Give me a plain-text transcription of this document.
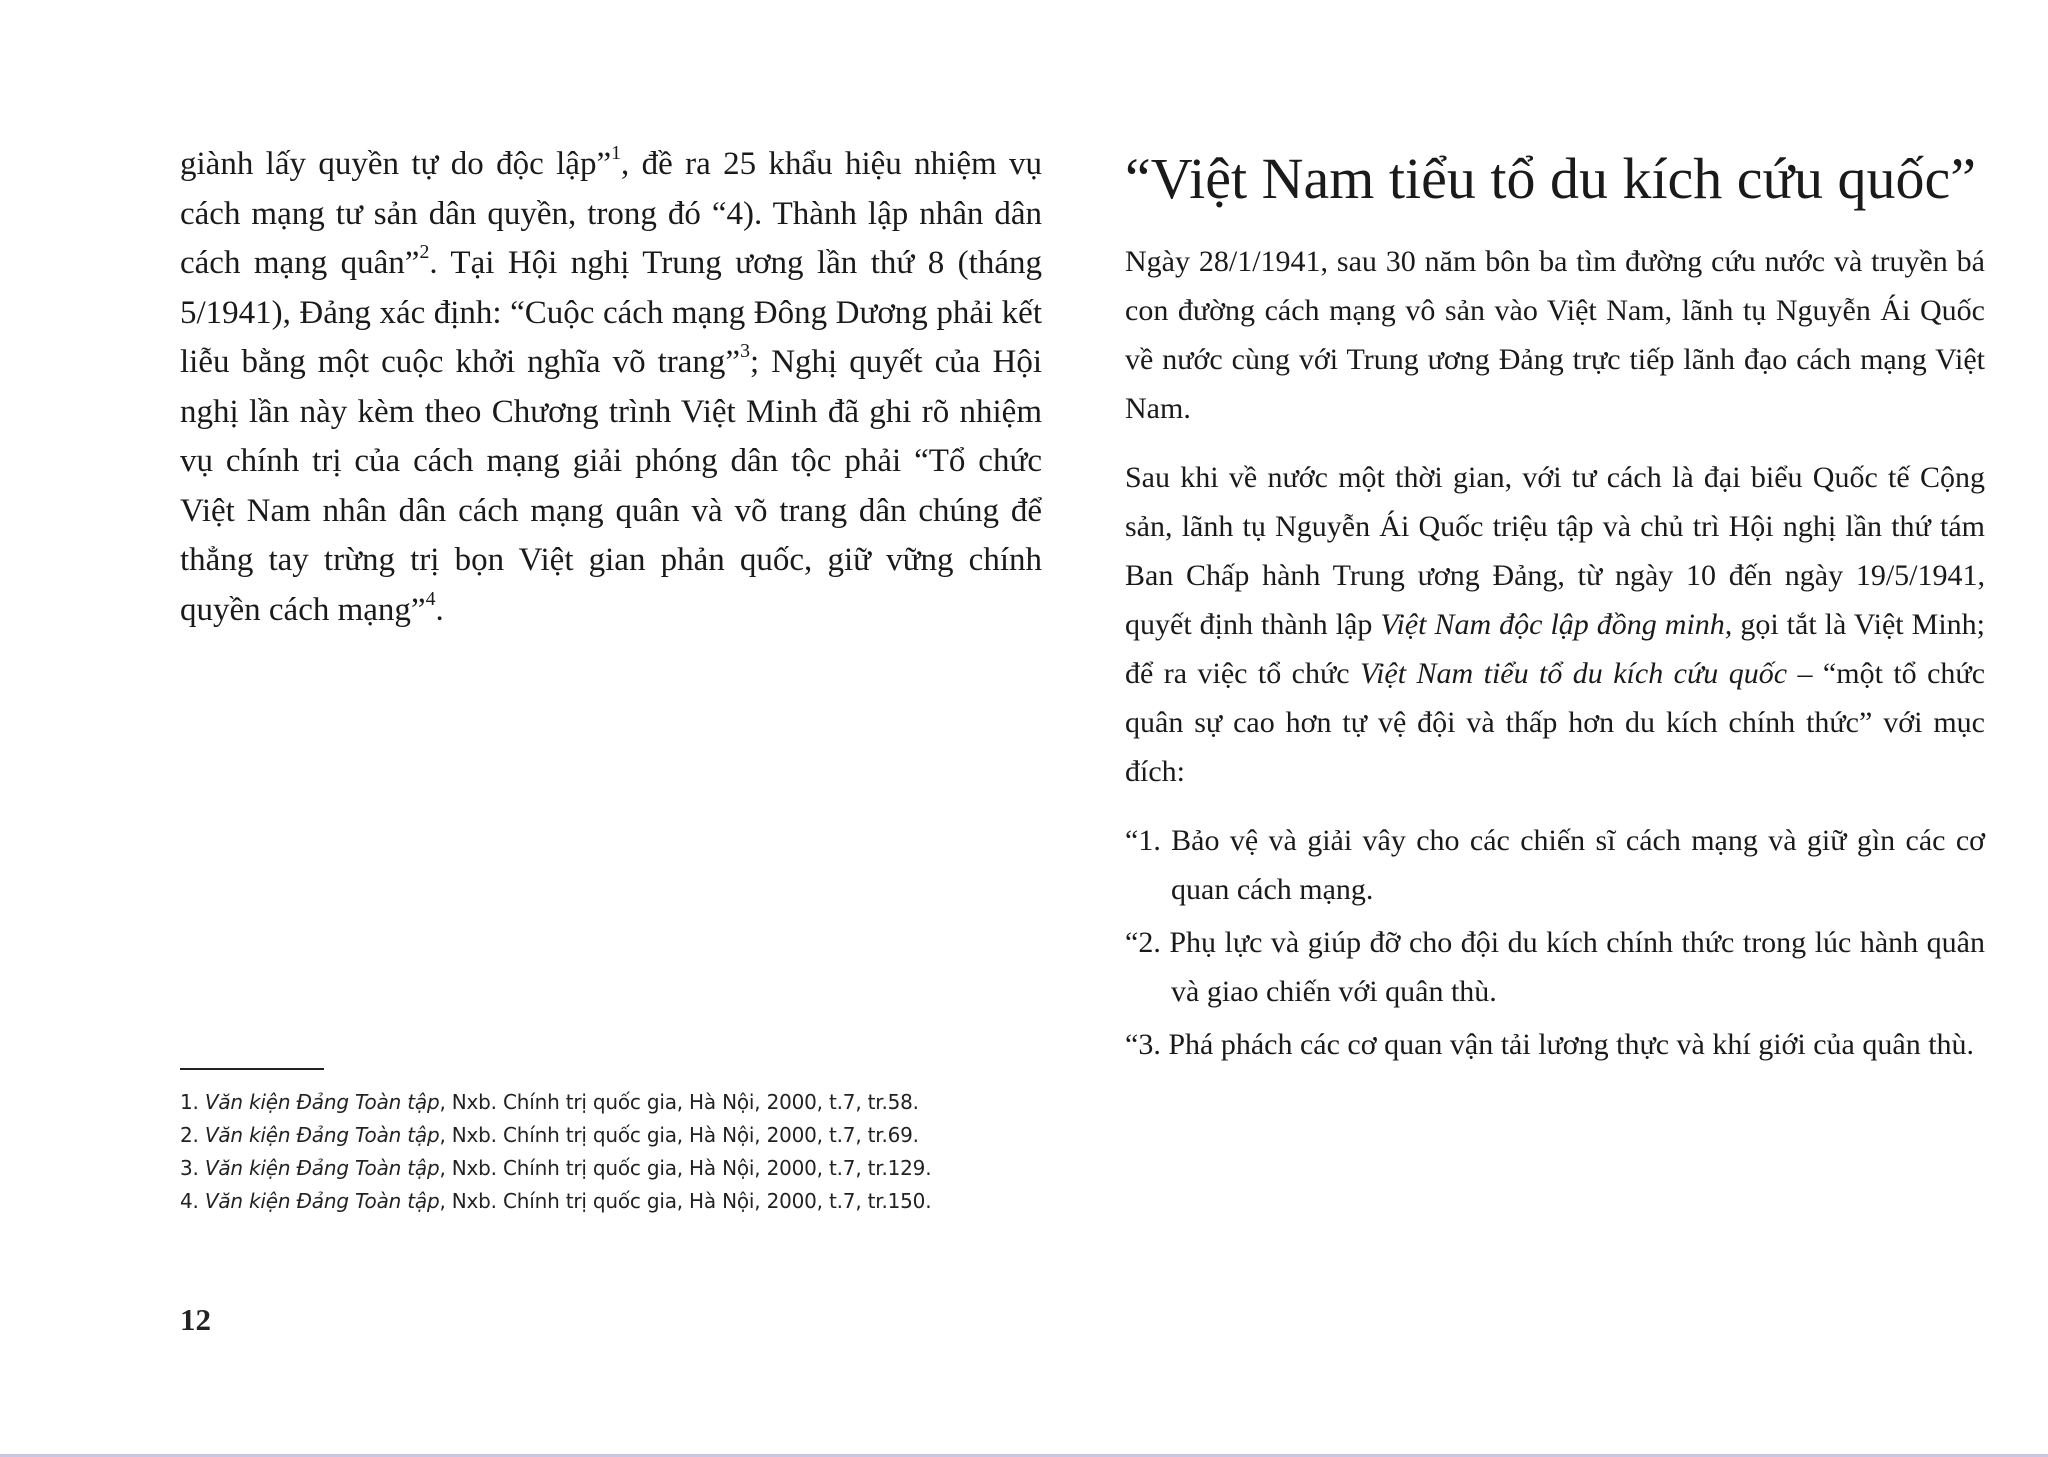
giành lấy quyền tự do độc lập”$^1$, đề ra 25 khẩu hiệu nhiệm vụ cách mạng tư sản dân quyền, trong đó “4). Thành lập nhân dân cách mạng quân”$^2$. Tại Hội nghị Trung ương lần thứ 8 (tháng 5/1941), Đảng xác định: “Cuộc cách mạng Đông Dương phải kết liễu bằng một cuộc khởi nghĩa võ trang”$^3$; Nghị quyết của Hội nghị lần này kèm theo Chương trình Việt Minh đã ghi rõ nhiệm vụ chính trị của cách mạng giải phóng dân tộc phải “Tổ chức Việt Nam nhân dân cách mạng quân và võ trang dân chúng để thẳng tay trừng trị bọn Việt gian phản quốc, giữ vững chính quyền cách mạng”$^4$.

1. Văn kiện Đảng Toàn tập, Nxb. Chính trị quốc gia, Hà Nội, 2000, t.7, tr.58.
2. Văn kiện Đảng Toàn tập, Nxb. Chính trị quốc gia, Hà Nội, 2000, t.7, tr.69.
3. Văn kiện Đảng Toàn tập, Nxb. Chính trị quốc gia, Hà Nội, 2000, t.7, tr.129.
4. Văn kiện Đảng Toàn tập, Nxb. Chính trị quốc gia, Hà Nội, 2000, t.7, tr.150.
12
“Việt Nam tiểu tổ du kích cứu quốc”

Ngày 28/1/1941, sau 30 năm bôn ba tìm đường cứu nước và truyền bá con đường cách mạng vô sản vào Việt Nam, lãnh tụ Nguyễn Ái Quốc về nước cùng với Trung ương Đảng trực tiếp lãnh đạo cách mạng Việt Nam.

Sau khi về nước một thời gian, với tư cách là đại biểu Quốc tế Cộng sản, lãnh tụ Nguyễn Ái Quốc triệu tập và chủ trì Hội nghị lần thứ tám Ban Chấp hành Trung ương Đảng, từ ngày 10 đến ngày 19/5/1941, quyết định thành lập Việt Nam độc lập đồng minh, gọi tắt là Việt Minh; để ra việc tổ chức Việt Nam tiểu tổ du kích cứu quốc – “một tổ chức quân sự cao hơn tự vệ đội và thấp hơn du kích chính thức” với mục đích:

“1. Bảo vệ và giải vây cho các chiến sĩ cách mạng và giữ gìn các cơ quan cách mạng.
“2. Phụ lực và giúp đỡ cho đội du kích chính thức trong lúc hành quân và giao chiến với quân thù.
“3. Phá phách các cơ quan vận tải lương thực và khí giới của quân thù.
